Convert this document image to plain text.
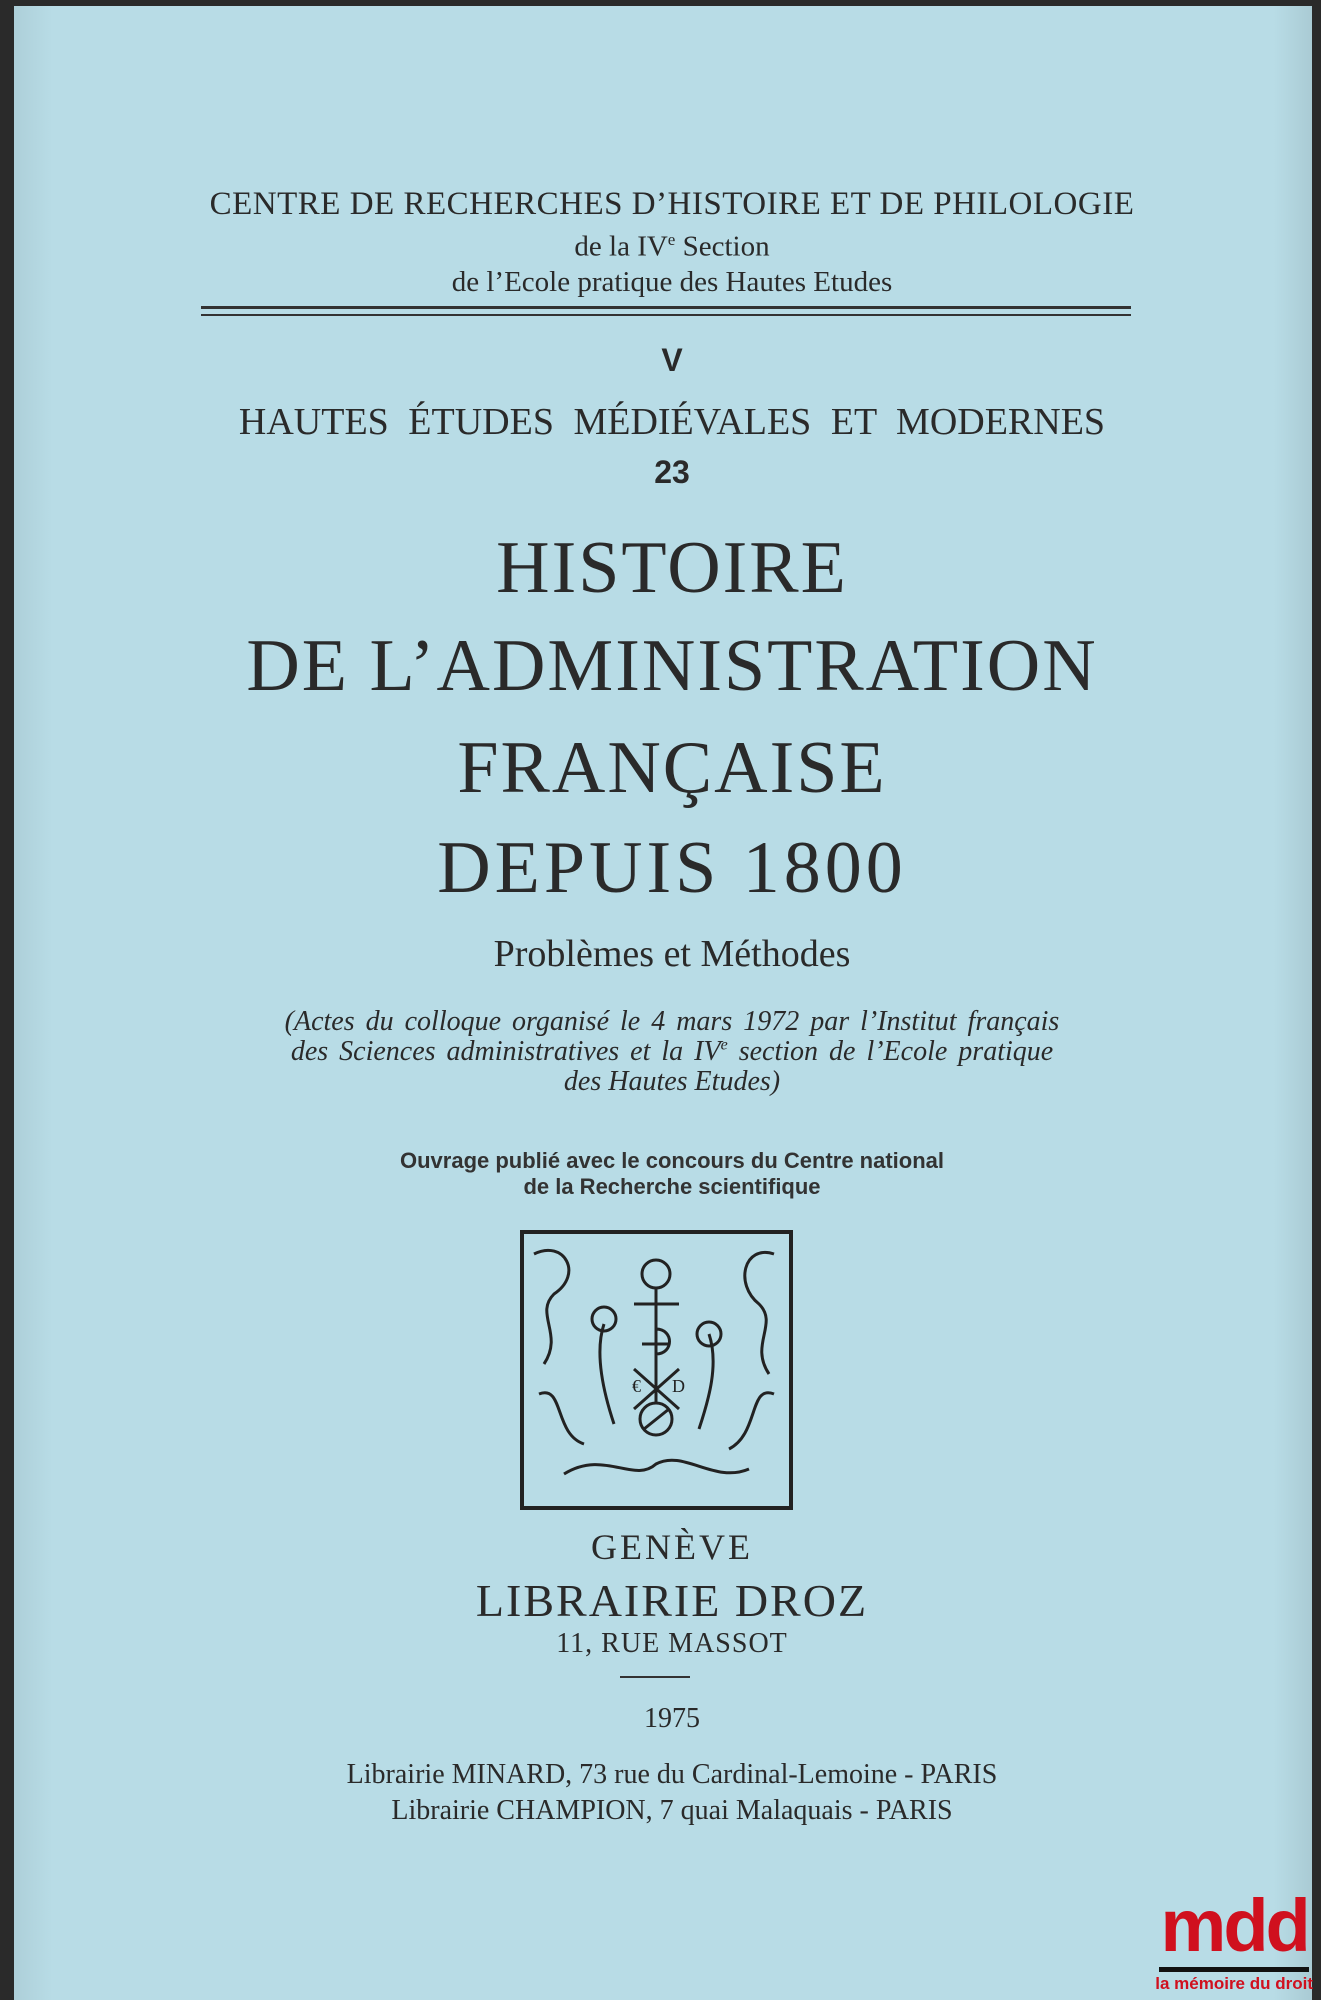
CENTRE DE RECHERCHES D’HISTOIRE ET DE PHILOLOGIE
de la IVe Section
de l’Ecole pratique des Hautes Etudes
V
HAUTES ÉTUDES MÉDIÉVALES ET MODERNES
23
HISTOIRE
DE L’ADMINISTRATION
FRANÇAISE
DEPUIS 1800
Problèmes et Méthodes
(Actes du colloque organisé le 4 mars 1972 par l’Institut français
des Sciences administratives et la IVe section de l’Ecole pratique
des Hautes Etudes)
Ouvrage publié avec le concours du Centre national
de la Recherche scientifique
€ D
GENÈVE
LIBRAIRIE DROZ
11, RUE MASSOT
1975
Librairie MINARD, 73 rue du Cardinal-Lemoine - PARIS
Librairie CHAMPION, 7 quai Malaquais - PARIS
mdd
la mémoire du droit
